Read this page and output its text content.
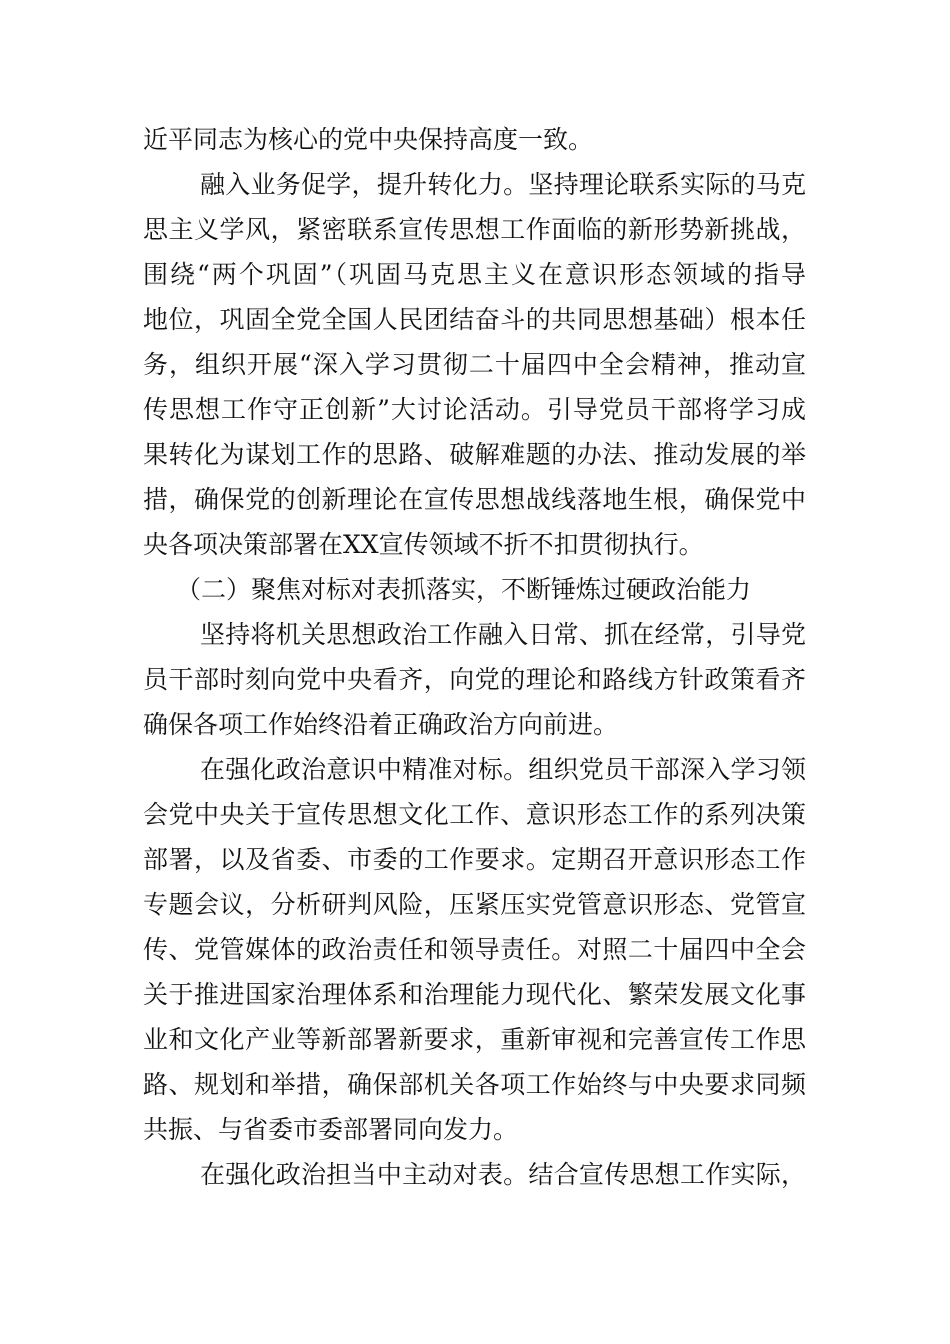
近平同志为核心的党中央保持高度一致。
融入业务促学，提升转化力。坚持理论联系实际的马克
思主义学风，紧密联系宣传思想工作面临的新形势新挑战，
围绕“两个巩固”（巩固马克思主义在意识形态领域的指导
地位，巩固全党全国人民团结奋斗的共同思想基础）根本任
务，组织开展“深入学习贯彻二十届四中全会精神，推动宣
传思想工作守正创新”大讨论活动。引导党员干部将学习成
果转化为谋划工作的思路、破解难题的办法、推动发展的举
措，确保党的创新理论在宣传思想战线落地生根，确保党中
央各项决策部署在XX宣传领域不折不扣贯彻执行。
（二）聚焦对标对表抓落实，不断锤炼过硬政治能力
坚持将机关思想政治工作融入日常、抓在经常，引导党
员干部时刻向党中央看齐，向党的理论和路线方针政策看齐
确保各项工作始终沿着正确政治方向前进。
在强化政治意识中精准对标。组织党员干部深入学习领
会党中央关于宣传思想文化工作、意识形态工作的系列决策
部署，以及省委、市委的工作要求。定期召开意识形态工作
专题会议，分析研判风险，压紧压实党管意识形态、党管宣
传、党管媒体的政治责任和领导责任。对照二十届四中全会
关于推进国家治理体系和治理能力现代化、繁荣发展文化事
业和文化产业等新部署新要求，重新审视和完善宣传工作思
路、规划和举措，确保部机关各项工作始终与中央要求同频
共振、与省委市委部署同向发力。
在强化政治担当中主动对表。结合宣传思想工作实际，
